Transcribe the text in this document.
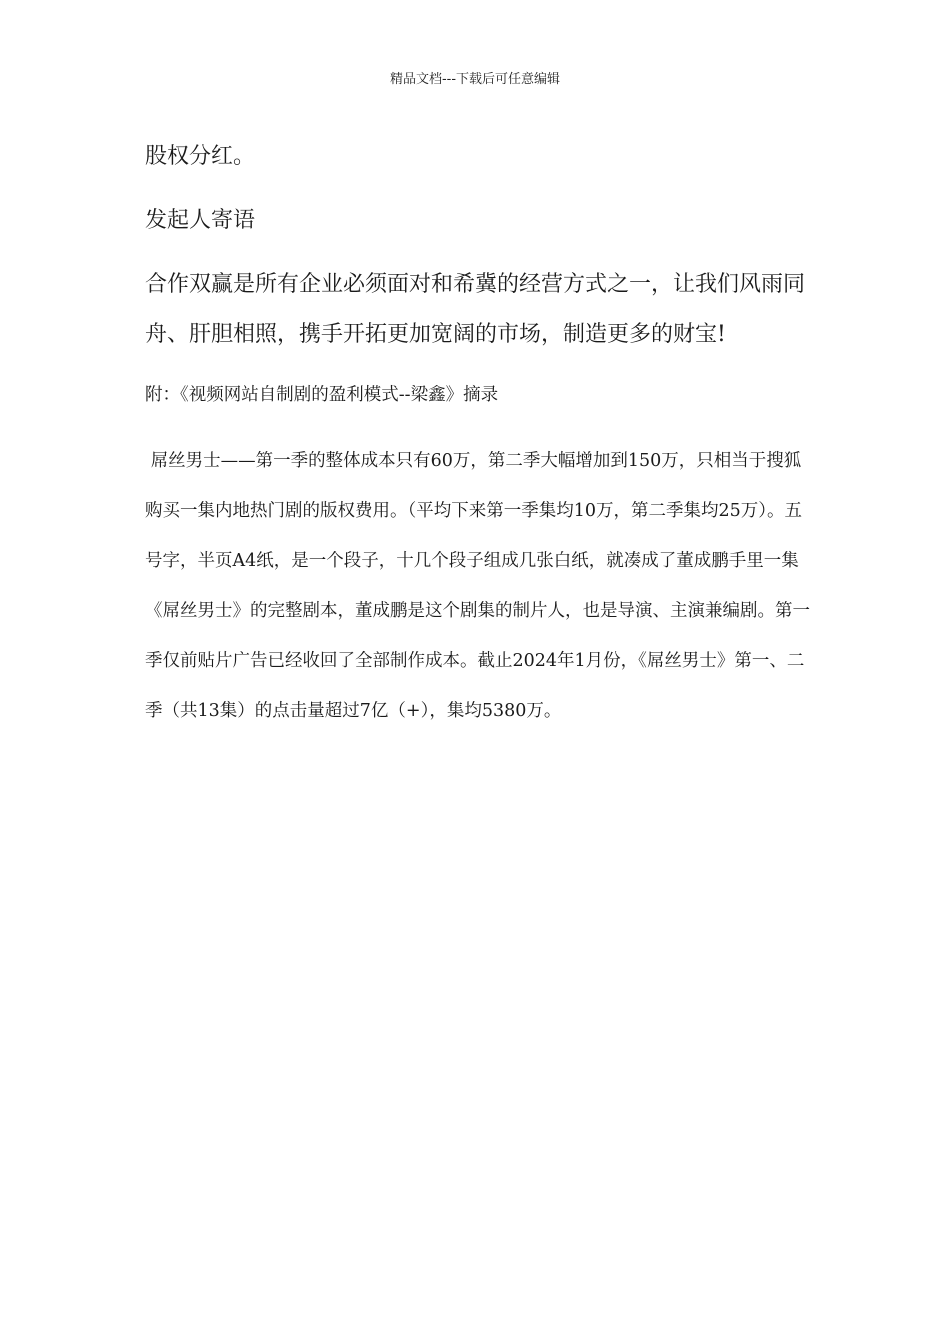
精品文档---下载后可任意编辑

股权分红。

发起人寄语

合作双赢是所有企业必须面对和希冀的经营方式之一，让我们风雨同舟、肝胆相照，携手开拓更加宽阔的市场，制造更多的财宝!

附：《视频网站自制剧的盈利模式--梁鑫》摘录

屌丝男士——第一季的整体成本只有60万，第二季大幅增加到150万，只相当于搜狐购买一集内地热门剧的版权费用。（平均下来第一季集均10万，第二季集均25万）。五号字，半页A4纸，是一个段子，十几个段子组成几张白纸，就凑成了董成鹏手里一集《屌丝男士》的完整剧本，董成鹏是这个剧集的制片人，也是导演、主演兼编剧。第一季仅前贴片广告已经收回了全部制作成本。截止2024年1月份，《屌丝男士》第一、二季（共13集）的点击量超过7亿（+），集均5380万。
